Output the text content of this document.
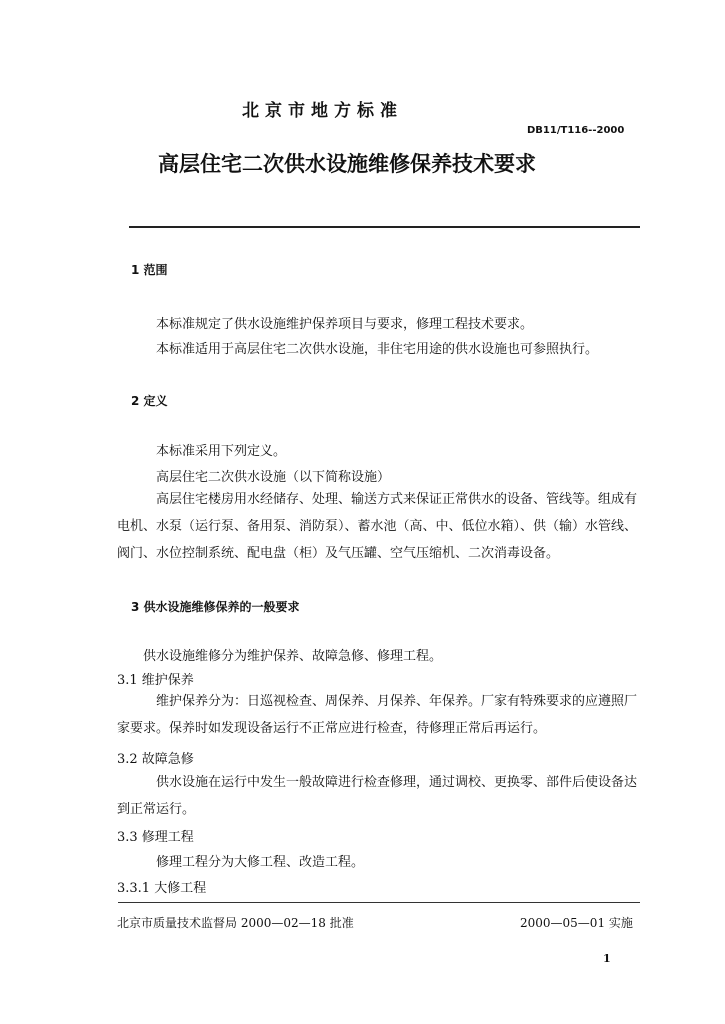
北京市地方标准
DB11/T116--2000
高层住宅二次供水设施维修保养技术要求
1 范围
本标准规定了供水设施维护保养项目与要求，修理工程技术要求。
本标准适用于高层住宅二次供水设施，非住宅用途的供水设施也可参照执行。
2 定义
本标准采用下列定义。
高层住宅二次供水设施（以下简称设施）
高层住宅楼房用水经储存、处理、输送方式来保证正常供水的设备、管线等。组成有电机、水泵（运行泵、备用泵、消防泵）、蓄水池（高、中、低位水箱）、供（输）水管线、阀门、水位控制系统、配电盘（柜）及气压罐、空气压缩机、二次消毒设备。
3 供水设施维修保养的一般要求
供水设施维修分为维护保养、故障急修、修理工程。
3.1 维护保养
维护保养分为：日巡视检查、周保养、月保养、年保养。厂家有特殊要求的应遵照厂家要求。保养时如发现设备运行不正常应进行检查，待修理正常后再运行。
3.2 故障急修
供水设施在运行中发生一般故障进行检查修理，通过调校、更换零、部件后使设备达到正常运行。
3.3 修理工程
修理工程分为大修工程、改造工程。
3.3.1 大修工程
北京市质量技术监督局 2000—02—18 批准	2000—05—01 实施
1
